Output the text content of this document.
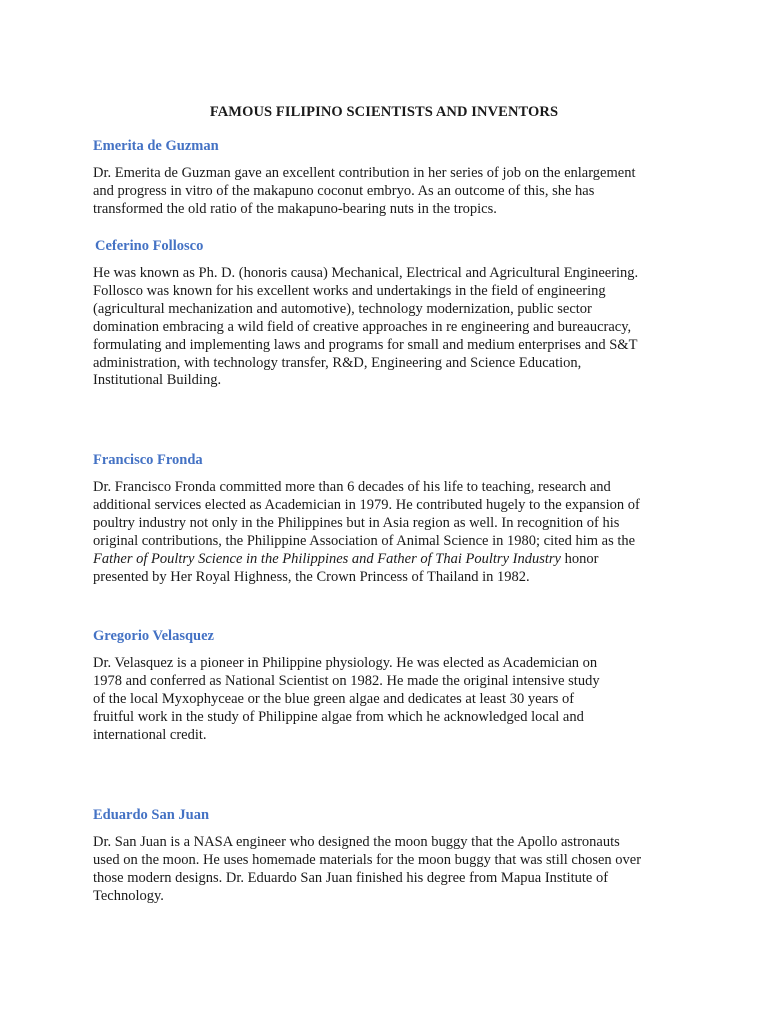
FAMOUS FILIPINO SCIENTISTS AND INVENTORS

Emerita de Guzman

Dr. Emerita de Guzman gave an excellent contribution in her series of job on the enlargement
and progress in vitro of the makapuno coconut embryo. As an outcome of this, she has
transformed the old ratio of the makapuno-bearing nuts in the tropics.

Ceferino Follosco

He was known as Ph. D. (honoris causa) Mechanical, Electrical and Agricultural Engineering.
Follosco was known for his excellent works and undertakings in the field of engineering
(agricultural mechanization and automotive), technology modernization, public sector
domination embracing a wild field of creative approaches in re engineering and bureaucracy,
formulating and implementing laws and programs for small and medium enterprises and S&T
administration, with technology transfer, R&D, Engineering and Science Education,
Institutional Building.

Francisco Fronda

Dr. Francisco Fronda committed more than 6 decades of his life to teaching, research and
additional services elected as Academician in 1979. He contributed hugely to the expansion of
poultry industry not only in the Philippines but in Asia region as well. In recognition of his
original contributions, the Philippine Association of Animal Science in 1980; cited him as the
Father of Poultry Science in the Philippines and Father of Thai Poultry Industry honor
presented by Her Royal Highness, the Crown Princess of Thailand in 1982.

Gregorio Velasquez

Dr. Velasquez is a pioneer in Philippine physiology. He was elected as Academician on
1978 and conferred as National Scientist on 1982. He made the original intensive study
of the local Myxophyceae or the blue green algae and dedicates at least 30 years of
fruitful work in the study of Philippine algae from which he acknowledged local and
international credit.

Eduardo San Juan

Dr. San Juan is a NASA engineer who designed the moon buggy that the Apollo astronauts
used on the moon. He uses homemade materials for the moon buggy that was still chosen over
those modern designs. Dr. Eduardo San Juan finished his degree from Mapua Institute of
Technology.
